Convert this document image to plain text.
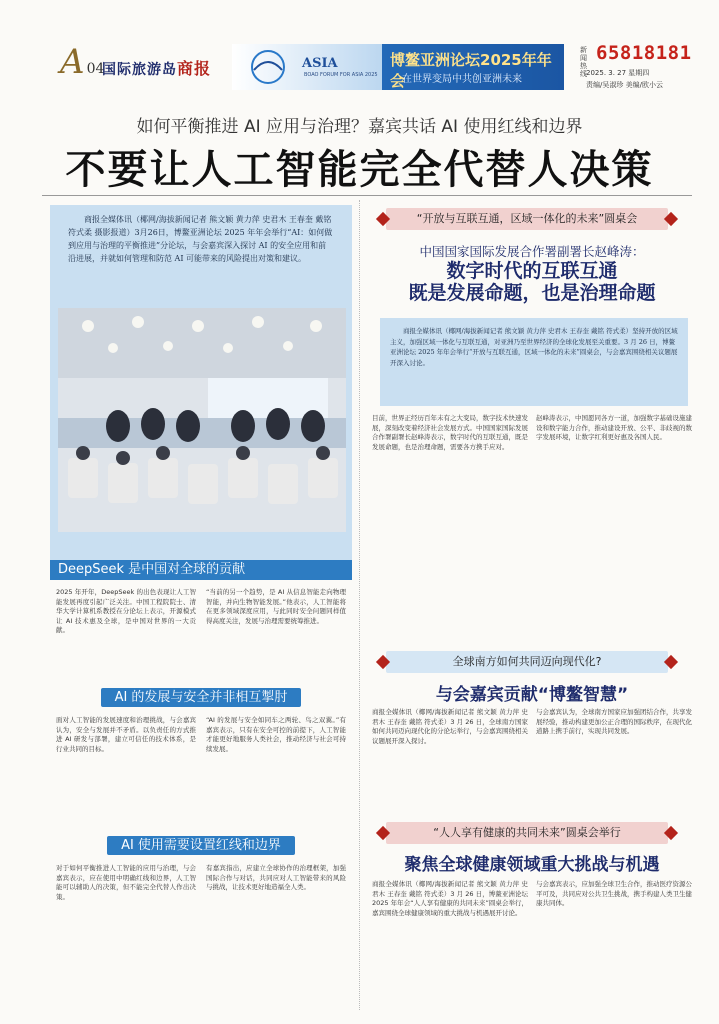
A 04
国际旅游岛商报	ASIA
BOAO FORUM FOR ASIA 2025
博鳌亚洲论坛2025年年会
在世界变局中共创亚洲未来
新闻热线
65818181
2025. 3. 27 星期四
责编/吴淑珍 美编/欧小云
如何平衡推进 AI 应用与治理？嘉宾共话 AI 使用红线和边界
不要让人工智能完全代替人决策
商报全媒体讯（椰网/海拔新闻记者 熊文颖 黄力萍 史君木 王春奎 戴铭 符式柔 摄影报道）3月26日，博鳌亚洲论坛 2025 年年会举行“AI：如何做到应用与治理的平衡推进”分论坛，与会嘉宾深入探讨 AI 的安全应用和前沿进展，并就如何管理和防范 AI 可能带来的风险提出对策和建议。
DeepSeek 是中国对全球的贡献
2025 年开年，DeepSeek 的出色表现让人工智能发展再度引起广泛关注。中国工程院院士、清华大学计算机系教授在分论坛上表示，开源模式让 AI 技术惠及全球，是中国对世界的一大贡献。
“当前的另一个趋势，是 AI 从信息智能走向物理智能，并向生物智能发展。”他表示，人工智能将在更多领域深度应用，与此同时安全问题同样值得高度关注，发展与治理需要统筹推进。
AI 的发展与安全并非相互掣肘
面对人工智能的发展速度和治理挑战，与会嘉宾认为，安全与发展并不矛盾。以负责任的方式推进 AI 研发与部署，建立可信任的技术体系，是行业共同的目标。
“AI 的发展与安全如同车之两轮、鸟之双翼。”有嘉宾表示，只有在安全可控的前提下，人工智能才能更好地服务人类社会，推动经济与社会可持续发展。
AI 使用需要设置红线和边界
对于如何平衡推进人工智能的应用与治理，与会嘉宾表示，应在使用中明确红线和边界，人工智能可以辅助人的决策，但不能完全代替人作出决策。
有嘉宾指出，应建立全球协作的治理框架，加强国际合作与对话，共同应对人工智能带来的风险与挑战，让技术更好地造福全人类。
“开放与互联互通，区域一体化的未来”圆桌会
中国国家国际发展合作署副署长赵峰涛：
数字时代的互联互通
既是发展命题，也是治理命题
商报全媒体讯（椰网/海拔新闻记者 熊文颖 黄力萍 史君木 王春奎 戴铭 符式柔）坚持开放的区域主义，加强区域一体化与互联互通，对亚洲乃至世界经济的全球化发展至关重要。3 月 26 日，博鳌亚洲论坛 2025 年年会举行“开放与互联互通，区域一体化的未来”圆桌会，与会嘉宾围绕相关议题展开深入讨论。
目前，世界正经历百年未有之大变局，数字技术快速发展，深刻改变着经济社会发展方式。中国国家国际发展合作署副署长赵峰涛表示，数字时代的互联互通，既是发展命题，也是治理命题，需要各方携手应对。
赵峰涛表示，中国愿同各方一道，加强数字基础设施建设和数字能力合作，推动建设开放、公平、非歧视的数字发展环境，让数字红利更好惠及各国人民。
全球南方如何共同迈向现代化?
与会嘉宾贡献“博鳌智慧”
商报全媒体讯（椰网/海拔新闻记者 熊文颖 黄力萍 史君木 王春奎 戴铭 符式柔）3 月 26 日，全球南方国家如何共同迈向现代化的分论坛举行，与会嘉宾围绕相关议题展开深入探讨。
与会嘉宾认为，全球南方国家应加强团结合作，共享发展经验，推动构建更加公正合理的国际秩序，在现代化道路上携手前行，实现共同发展。
“人人享有健康的共同未来”圆桌会举行
聚焦全球健康领域重大挑战与机遇
商报全媒体讯（椰网/海拔新闻记者 熊文颖 黄力萍 史君木 王春奎 戴铭 符式柔）3 月 26 日，博鳌亚洲论坛 2025 年年会“人人享有健康的共同未来”圆桌会举行，嘉宾围绕全球健康领域的重大挑战与机遇展开讨论。
与会嘉宾表示，应加强全球卫生合作，推动医疗资源公平可及，共同应对公共卫生挑战，携手构建人类卫生健康共同体。
